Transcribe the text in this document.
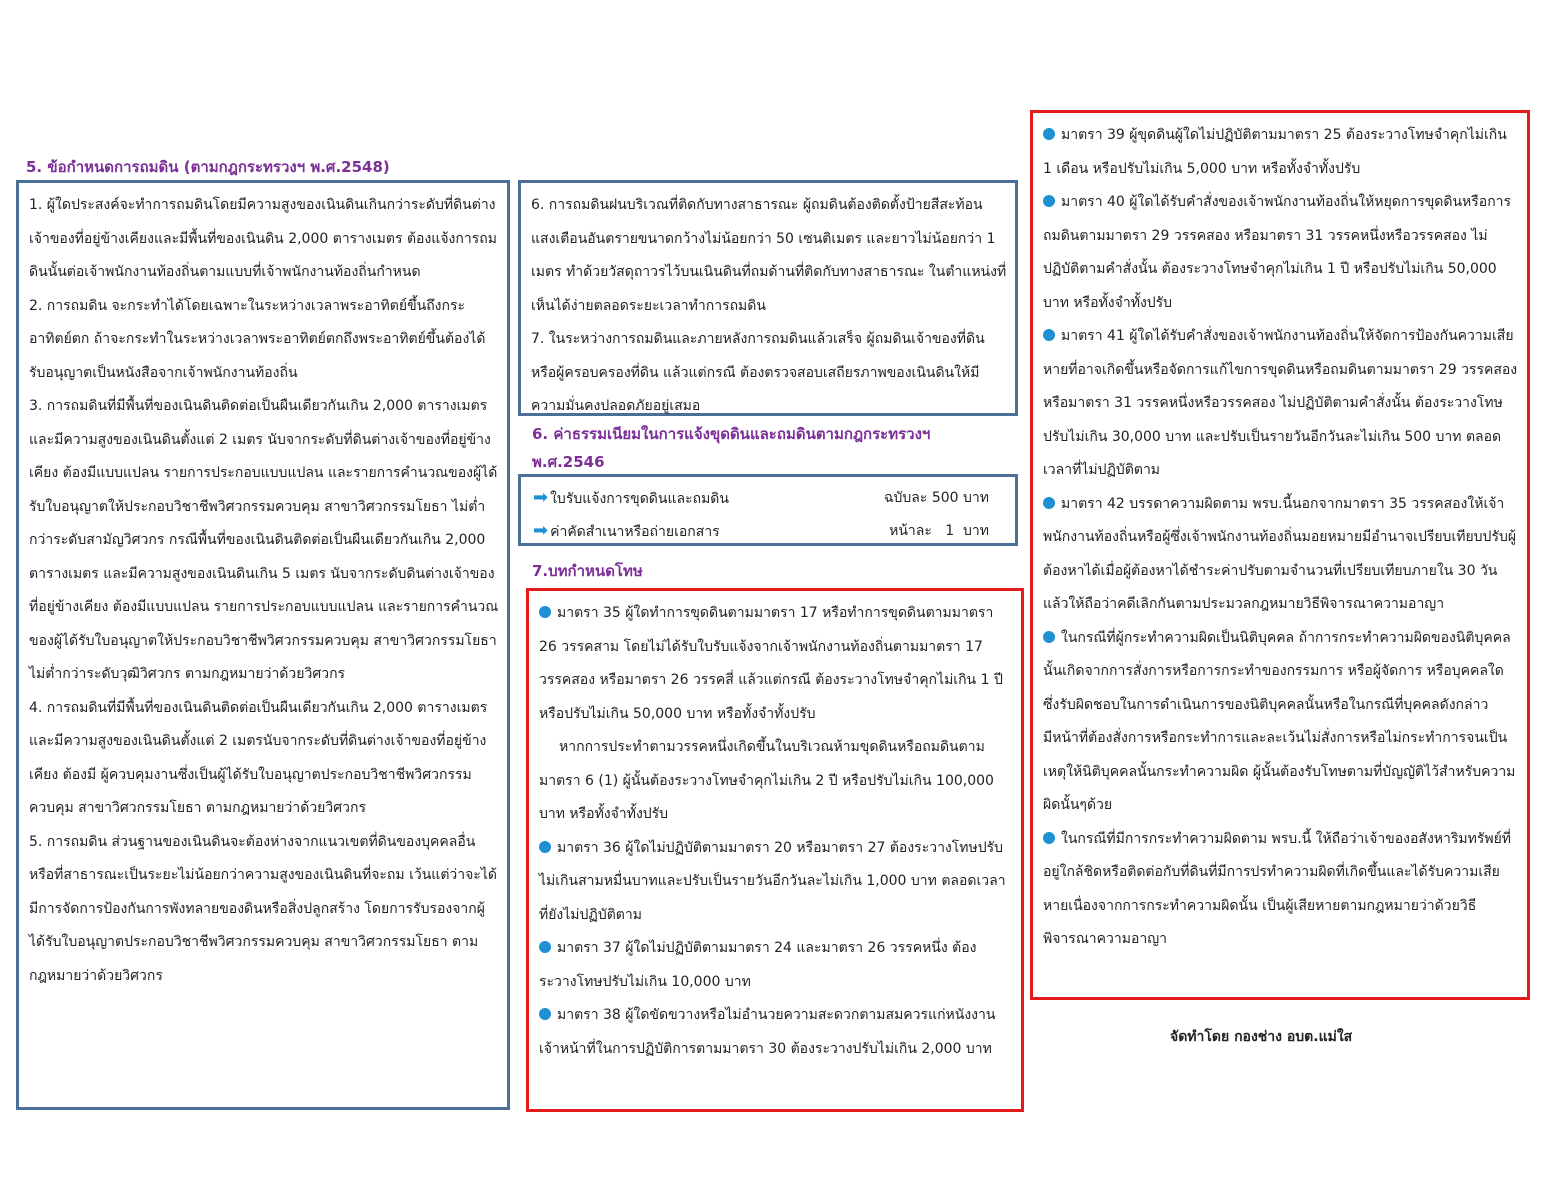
5. ข้อกำหนดการถมดิน (ตามกฎกระทรวงฯ พ.ศ.2548)

1. ผู้ใดประสงค์จะทำการถมดินโดยมีความสูงของเนินดินเกินกว่าระดับที่ดินต่างเจ้าของที่อยู่ข้างเคียงและมีพื้นที่ของเนินดิน 2,000 ตารางเมตร ต้องแจ้งการถมดินนั้นต่อเจ้าพนักงานท้องถิ่นตามแบบที่เจ้าพนักงานท้องถิ่นกำหนด

2. การถมดิน จะกระทำได้โดยเฉพาะในระหว่างเวลาพระอาทิตย์ขึ้นถึงกระอาทิตย์ตก ถ้าจะกระทำในระหว่างเวลาพระอาทิตย์ตกถึงพระอาทิตย์ขึ้นต้องได้รับอนุญาตเป็นหนังสือจากเจ้าพนักงานท้องถิ่น

3. การถมดินที่มีพื้นที่ของเนินดินติดต่อเป็นผืนเดียวกันเกิน 2,000 ตารางเมตร และมีความสูงของเนินดินตั้งแต่ 2 เมตร นับจากระดับที่ดินต่างเจ้าของที่อยู่ข้างเคียง ต้องมีแบบแปลน รายการประกอบแบบแปลน และรายการคำนวณของผู้ได้รับใบอนุญาตให้ประกอบวิชาชีพวิศวกรรมควบคุม สาขาวิศวกรรมโยธา ไม่ต่ำกว่าระดับสามัญวิศวกร กรณีพื้นที่ของเนินดินติดต่อเป็นผืนเดียวกันเกิน 2,000 ตารางเมตร และมีความสูงของเนินดินเกิน 5 เมตร นับจากระดับดินต่างเจ้าของที่อยู่ข้างเคียง ต้องมีแบบแปลน รายการประกอบแบบแปลน และรายการคำนวณของผู้ได้รับใบอนุญาตให้ประกอบวิชาชีพวิศวกรรมควบคุม สาขาวิศวกรรมโยธา ไม่ต่ำกว่าระดับวุฒิวิศวกร ตามกฎหมายว่าด้วยวิศวกร

4. การถมดินที่มีพื้นที่ของเนินดินติดต่อเป็นผืนเดียวกันเกิน 2,000 ตารางเมตร และมีความสูงของเนินดินตั้งแต่ 2 เมตรนับจากระดับที่ดินต่างเจ้าของที่อยู่ข้างเคียง ต้องมี ผู้ควบคุมงานซึ่งเป็นผู้ได้รับใบอนุญาตประกอบวิชาชีพวิศวกรรมควบคุม สาขาวิศวกรรมโยธา ตามกฎหมายว่าด้วยวิศวกร

5. การถมดิน ส่วนฐานของเนินดินจะต้องห่างจากแนวเขตที่ดินของบุคคลอื่นหรือที่สาธารณะเป็นระยะไม่น้อยกว่าความสูงของเนินดินที่จะถม เว้นแต่ว่าจะได้มีการจัดการป้องกันการพังทลายของดินหรือสิ่งปลูกสร้าง โดยการรับรองจากผู้ได้รับใบอนุญาตประกอบวิชาชีพวิศวกรรมควบคุม สาขาวิศวกรรมโยธา ตามกฎหมายว่าด้วยวิศวกร

6. การถมดินฝนบริเวณที่ติดกับทางสาธารณะ ผู้ถมดินต้องติดตั้งป้ายสีสะท้อนแสงเตือนอันตรายขนาดกว้างไม่น้อยกว่า 50 เซนติเมตร และยาวไม่น้อยกว่า 1 เมตร ทำด้วยวัสดุถาวรไว้บนเนินดินที่ถมด้านที่ติดกับทางสาธารณะ ในตำแหน่งที่เห็นได้ง่ายตลอดระยะเวลาทำการถมดิน

7. ในระหว่างการถมดินและภายหลังการถมดินแล้วเสร็จ ผู้ถมดินเจ้าของที่ดิน หรือผู้ครอบครองที่ดิน แล้วแต่กรณี ต้องตรวจสอบเสถียรภาพของเนินดินให้มีความมั่นคงปลอดภัยอยู่เสมอ

6. ค่าธรรมเนียมในการแจ้งขุดดินและถมดินตามกฎกระทรวงฯ พ.ศ.2546
➡ ใบรับแจ้งการขุดดินและถมดิน	ฉบับละ 500 บาท
➡ ค่าคัดสำเนาหรือถ่ายเอกสาร	หน้าละ   1  บาท
7.บทกำหนดโทษ

มาตรา 35 ผู้ใดทำการขุดดินตามมาตรา 17 หรือทำการขุดดินตามมาตรา 26 วรรคสาม โดยไม่ได้รับใบรับแจ้งจากเจ้าพนักงานท้องถิ่นตามมาตรา 17 วรรคสอง หรือมาตรา 26 วรรคสี่ แล้วแต่กรณี ต้องระวางโทษจำคุกไม่เกิน 1 ปี หรือปรับไม่เกิน 50,000 บาท หรือทั้งจำทั้งปรับ

หากการประทำตามวรรคหนึ่งเกิดขึ้นในบริเวณห้ามขุดดินหรือถมดินตามมาตรา 6 (1) ผู้นั้นต้องระวางโทษจำคุกไม่เกิน 2 ปี หรือปรับไม่เกิน 100,000 บาท หรือทั้งจำทั้งปรับ

มาตรา 36 ผู้ใดไม่ปฏิบัติตามมาตรา 20 หรือมาตรา 27 ต้องระวางโทษปรับไม่เกินสามหมื่นบาทและปรับเป็นรายวันอีกวันละไม่เกิน 1,000 บาท ตลอดเวลาที่ยังไม่ปฏิบัติตาม

มาตรา 37 ผู้ใดไม่ปฏิบัติตามมาตรา 24 และมาตรา 26 วรรคหนึ่ง ต้องระวางโทษปรับไม่เกิน 10,000 บาท

มาตรา 38 ผู้ใดขัดขวางหรือไม่อำนวยความสะดวกตามสมควรแก่หนังงานเจ้าหน้าที่ในการปฏิบัติการตามมาตรา 30 ต้องระวางปรับไม่เกิน 2,000 บาท

มาตรา 39 ผู้ขุดดินผู้ใดไม่ปฏิบัติตามมาตรา 25 ต้องระวางโทษจำคุกไม่เกิน 1 เดือน หรือปรับไม่เกิน 5,000 บาท หรือทั้งจำทั้งปรับ

มาตรา 40 ผู้ใดได้รับคำสั่งของเจ้าพนักงานท้องถิ่นให้หยุดการขุดดินหรือการถมดินตามมาตรา 29 วรรคสอง หรือมาตรา 31 วรรคหนึ่งหรือวรรคสอง ไม่ปฏิบัติตามคำสั่งนั้น ต้องระวางโทษจำคุกไม่เกิน 1 ปี หรือปรับไม่เกิน 50,000 บาท หรือทั้งจำทั้งปรับ

มาตรา 41 ผู้ใดได้รับคำสั่งของเจ้าพนักงานท้องถิ่นให้จัดการป้องกันความเสียหายที่อาจเกิดขึ้นหรือจัดการแก้ไขการขุดดินหรือถมดินตามมาตรา 29 วรรคสอง หรือมาตรา 31 วรรคหนึ่งหรือวรรคสอง ไม่ปฏิบัติตามคำสั่งนั้น ต้องระวางโทษปรับไม่เกิน 30,000 บาท และปรับเป็นรายวันอีกวันละไม่เกิน 500 บาท ตลอดเวลาที่ไม่ปฏิบัติตาม

มาตรา 42 บรรดาความผิดตาม พรบ.นี้นอกจากมาตรา 35 วรรคสองให้เจ้าพนักงานท้องถิ่นหรือผู้ซึ่งเจ้าพนักงานท้องถิ่นมอยหมายมีอำนาจเปรียบเทียบปรับผู้ต้องหาได้เมื่อผู้ต้องหาได้ชำระค่าปรับตามจำนวนที่เปรียบเทียบภายใน 30 วัน แล้วให้ถือว่าคดีเลิกกันตามประมวลกฎหมายวิธีพิจารณาความอาญา

ในกรณีที่ผู้กระทำความผิดเป็นนิติบุคคล ถ้าการกระทำความผิดของนิติบุคคลนั้นเกิดจากการสั่งการหรือการกระทำของกรรมการ หรือผู้จัดการ หรือบุคคลใดซึ่งรับผิดชอบในการดำเนินการของนิติบุคคลนั้นหรือในกรณีที่บุคคลดังกล่าวมีหน้าที่ต้องสั่งการหรือกระทำการและละเว้นไม่สั่งการหรือไม่กระทำการจนเป็นเหตุให้นิติบุคคลนั้นกระทำความผิด ผู้นั้นต้องรับโทษตามที่บัญญัติไว้สำหรับความผิดนั้นๆด้วย

ในกรณีที่มีการกระทำความผิดตาม พรบ.นี้ ให้ถือว่าเจ้าของอสังหาริมทรัพย์ที่อยู่ใกล้ชิดหรือติดต่อกับที่ดินที่มีการปรทำความผิดที่เกิดขึ้นและได้รับความเสียหายเนื่องจากการกระทำความผิดนั้น เป็นผู้เสียหายตามกฎหมายว่าด้วยวิธีพิจารณาความอาญา

จัดทำโดย กองช่าง อบต.แม่ใส
